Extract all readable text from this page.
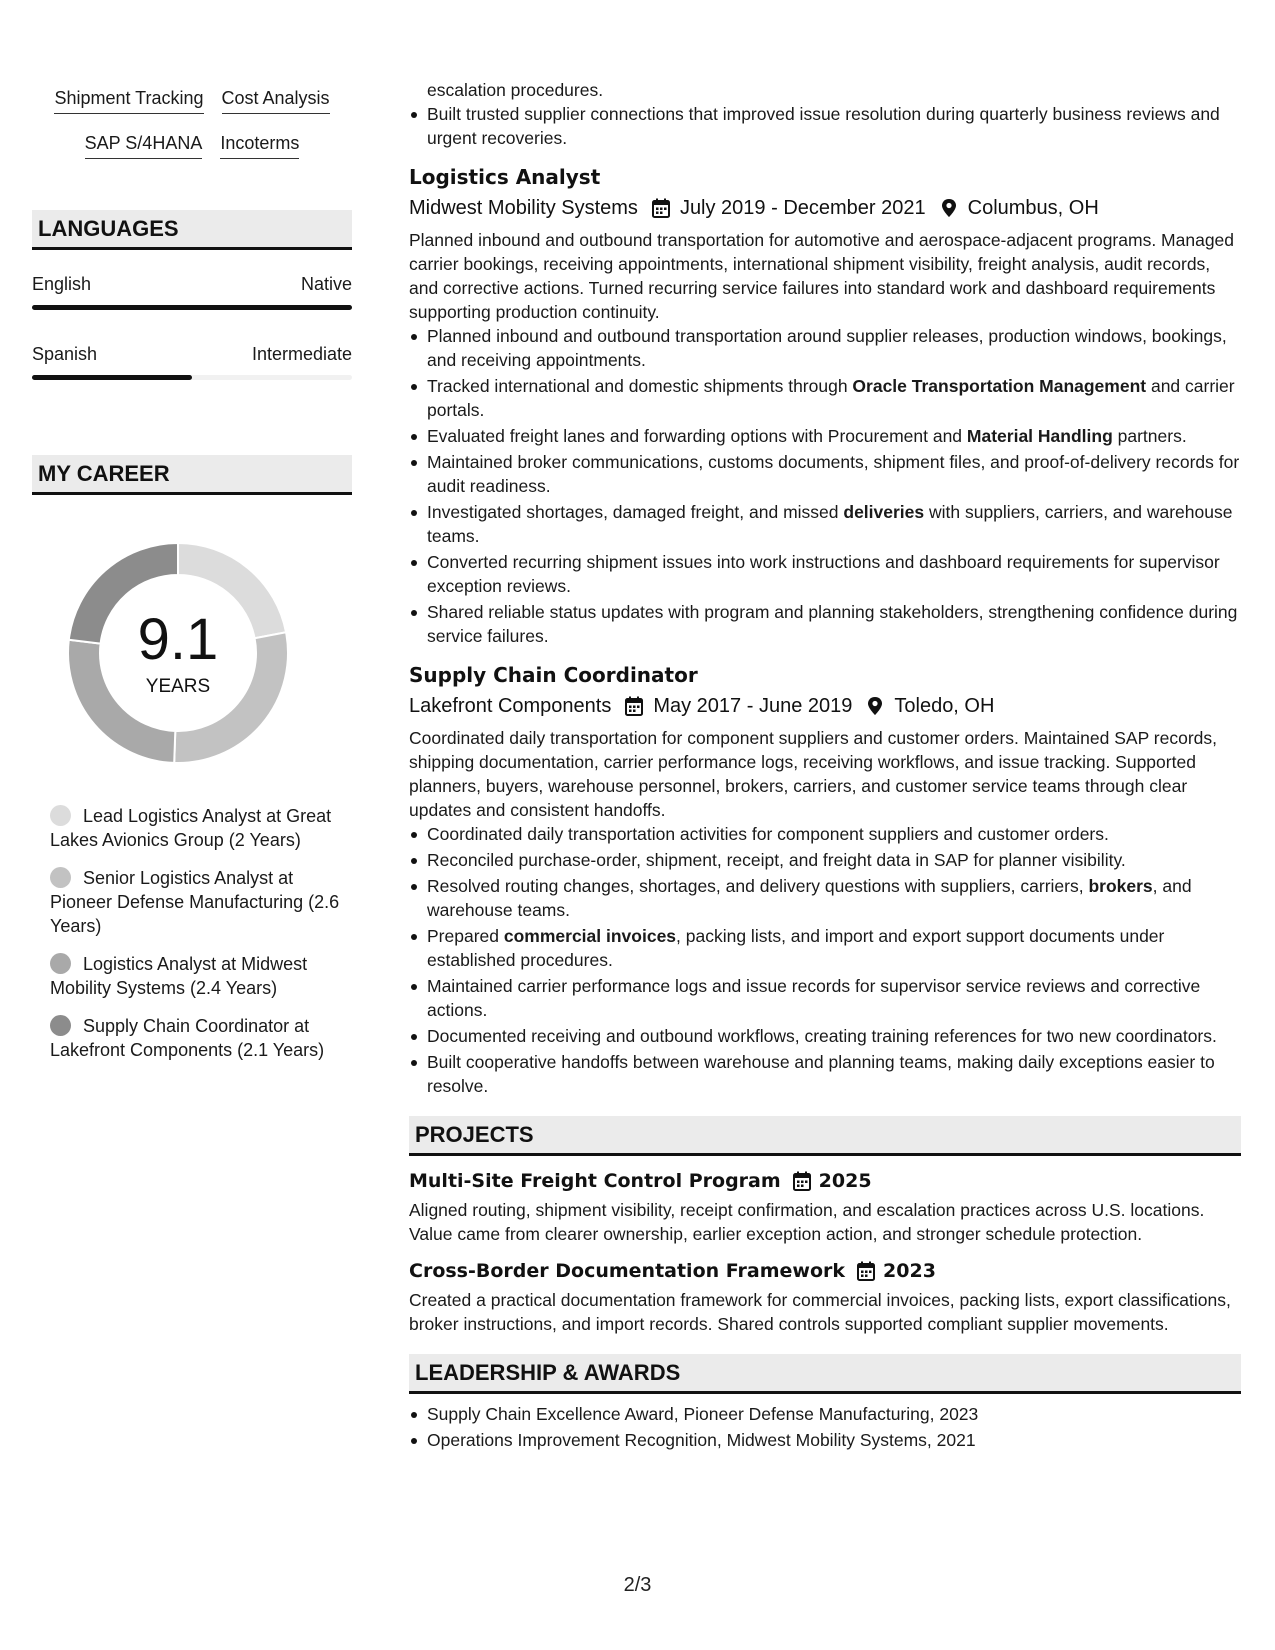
Shipment Tracking Cost Analysis
SAP S/4HANA Incoterms
LANGUAGES
English	Native
Spanish	Intermediate
MY CAREER
9.1
YEARS
Lead Logistics Analyst at Great Lakes Avionics Group (2 Years)
Senior Logistics Analyst at Pioneer Defense Manufacturing (2.6 Years)
Logistics Analyst at Midwest Mobility Systems (2.4 Years)
Supply Chain Coordinator at Lakefront Components (2.1 Years)
escalation procedures.
Built trusted supplier connections that improved issue resolution during quarterly business reviews and urgent recoveries.
Logistics Analyst
Midwest Mobility Systems July 2019 - December 2021 Columbus, OH
Planned inbound and outbound transportation for automotive and aerospace-adjacent programs. Managed carrier bookings, receiving appointments, international shipment visibility, freight analysis, audit records, and corrective actions. Turned recurring service failures into standard work and dashboard requirements supporting production continuity.
Planned inbound and outbound transportation around supplier releases, production windows, bookings, and receiving appointments.
Tracked international and domestic shipments through Oracle Transportation Management and carrier portals.
Evaluated freight lanes and forwarding options with Procurement and Material Handling partners.
Maintained broker communications, customs documents, shipment files, and proof-of-delivery records for audit readiness.
Investigated shortages, damaged freight, and missed deliveries with suppliers, carriers, and warehouse teams.
Converted recurring shipment issues into work instructions and dashboard requirements for supervisor exception reviews.
Shared reliable status updates with program and planning stakeholders, strengthening confidence during service failures.
Supply Chain Coordinator
Lakefront Components May 2017 - June 2019 Toledo, OH
Coordinated daily transportation for component suppliers and customer orders. Maintained SAP records, shipping documentation, carrier performance logs, receiving workflows, and issue tracking. Supported planners, buyers, warehouse personnel, brokers, carriers, and customer service teams through clear updates and consistent handoffs.
Coordinated daily transportation activities for component suppliers and customer orders.
Reconciled purchase-order, shipment, receipt, and freight data in SAP for planner visibility.
Resolved routing changes, shortages, and delivery questions with suppliers, carriers, brokers, and warehouse teams.
Prepared commercial invoices, packing lists, and import and export support documents under established procedures.
Maintained carrier performance logs and issue records for supervisor service reviews and corrective actions.
Documented receiving and outbound workflows, creating training references for two new coordinators.
Built cooperative handoffs between warehouse and planning teams, making daily exceptions easier to resolve.
PROJECTS
Multi-Site Freight Control Program 2025
Aligned routing, shipment visibility, receipt confirmation, and escalation practices across U.S. locations. Value came from clearer ownership, earlier exception action, and stronger schedule protection.
Cross-Border Documentation Framework 2023
Created a practical documentation framework for commercial invoices, packing lists, export classifications, broker instructions, and import records. Shared controls supported compliant supplier movements.
LEADERSHIP & AWARDS
Supply Chain Excellence Award, Pioneer Defense Manufacturing, 2023
Operations Improvement Recognition, Midwest Mobility Systems, 2021
2/3
